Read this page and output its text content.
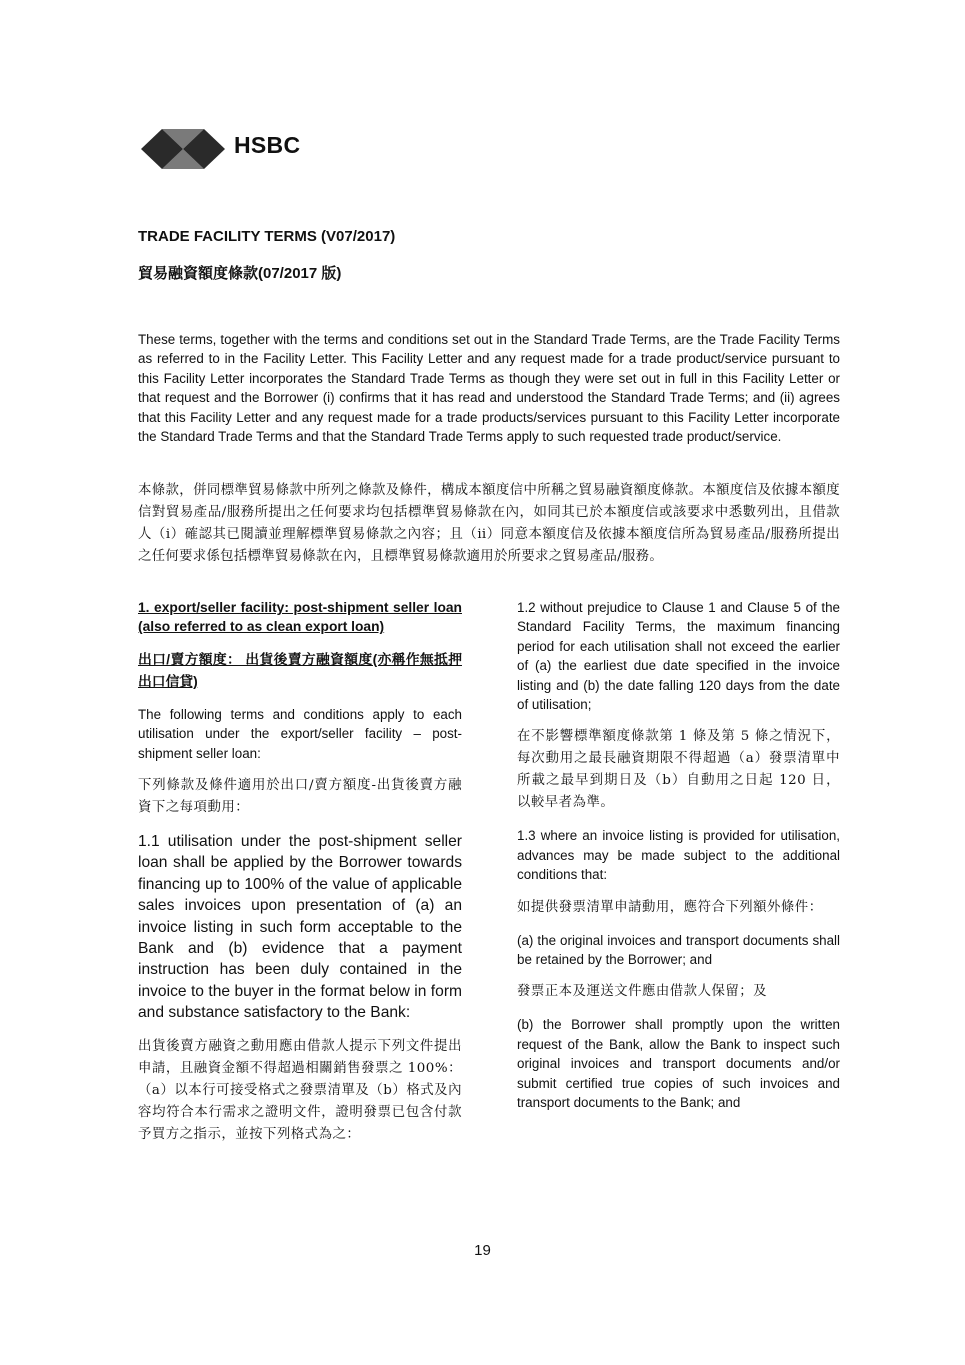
HSBC
TRADE FACILITY TERMS (V07/2017)
貿易融資額度條款(07/2017 版)
These terms, together with the terms and conditions set out in the Standard Trade Terms, are the Trade Facility Terms as referred to in the Facility Letter. This Facility Letter and any request made for a trade product/service pursuant to this Facility Letter incorporates the Standard Trade Terms as though they were set out in full in this Facility Letter or that request and the Borrower (i) confirms that it has read and understood the Standard Trade Terms; and (ii) agrees that this Facility Letter and any request made for a trade products/services pursuant to this Facility Letter incorporate the Standard Trade Terms and that the Standard Trade Terms apply to such requested trade product/service.
本條款，併同標準貿易條款中所列之條款及條件，構成本額度信中所稱之貿易融資額度條款。本額度信及依據本額度信對貿易產品/服務所提出之任何要求均包括標準貿易條款在內，如同其已於本額度信或該要求中悉數列出，且借款人（i）確認其已閱讀並理解標準貿易條款之內容；且（ii）同意本額度信及依據本額度信所為貿易產品/服務所提出之任何要求係包括標準貿易條款在內，且標準貿易條款適用於所要求之貿易產品/服務。

1. export/seller facility: post-shipment seller loan (also referred to as clean export loan)

出口/賣方額度： 出貨後賣方融資額度(亦稱作無抵押出口信貸)

The following terms and conditions apply to each utilisation under the export/seller facility – post-shipment seller loan:

下列條款及條件適用於出口/賣方額度-出貨後賣方融資下之每項動用：

1.1 utilisation under the post-shipment seller loan shall be applied by the Borrower towards financing up to 100% of the value of applicable sales invoices upon presentation of (a) an invoice listing in such form acceptable to the Bank and (b) evidence that a payment instruction has been duly contained in the invoice to the buyer in the format below in form and substance satisfactory to the Bank:

出貨後賣方融資之動用應由借款人提示下列文件提出申請，且融資金額不得超過相關銷售發票之 100%：（a）以本行可接受格式之發票清單及（b）格式及內容均符合本行需求之證明文件，證明發票已包含付款予買方之指示，並按下列格式為之：

1.2 without prejudice to Clause 1 and Clause 5 of the Standard Facility Terms, the maximum financing period for each utilisation shall not exceed the earlier of (a) the earliest due date specified in the invoice listing and (b) the date falling 120 days from the date of utilisation;

在不影響標準額度條款第 1 條及第 5 條之情況下，每次動用之最長融資期限不得超過（a）發票清單中所載之最早到期日及（b）自動用之日起 120 日，以較早者為準。

1.3 where an invoice listing is provided for utilisation, advances may be made subject to the additional conditions that:

如提供發票清單申請動用，應符合下列額外條件：

(a) the original invoices and transport documents shall be retained by the Borrower; and

發票正本及運送文件應由借款人保留；及

(b) the Borrower shall promptly upon the written request of the Bank, allow the Bank to inspect such original invoices and transport documents and/or submit certified true copies of such invoices and transport documents to the Bank; and

19
